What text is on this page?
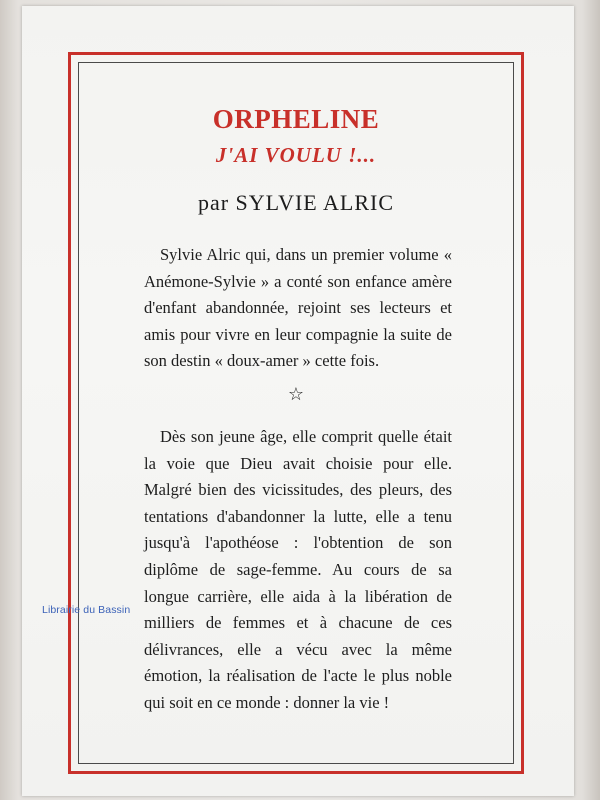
ORPHELINE
J'AI VOULU !...

par SYLVIE ALRIC

Sylvie Alric qui, dans un premier volume « Anémone-Sylvie » a conté son enfance amère d'enfant abandonnée, rejoint ses lecteurs et amis pour vivre en leur compagnie la suite de son destin « doux-amer » cette fois.

☆

Dès son jeune âge, elle comprit quelle était la voie que Dieu avait choisie pour elle. Malgré bien des vicissitudes, des pleurs, des tentations d'abandonner la lutte, elle a tenu jusqu'à l'apothéose : l'obtention de son diplôme de sage-femme. Au cours de sa longue carrière, elle aida à la libération de milliers de femmes et à chacune de ces délivrances, elle a vécu avec la même émotion, la réalisation de l'acte le plus noble qui soit en ce monde : donner la vie !

Librairie du Bassin
